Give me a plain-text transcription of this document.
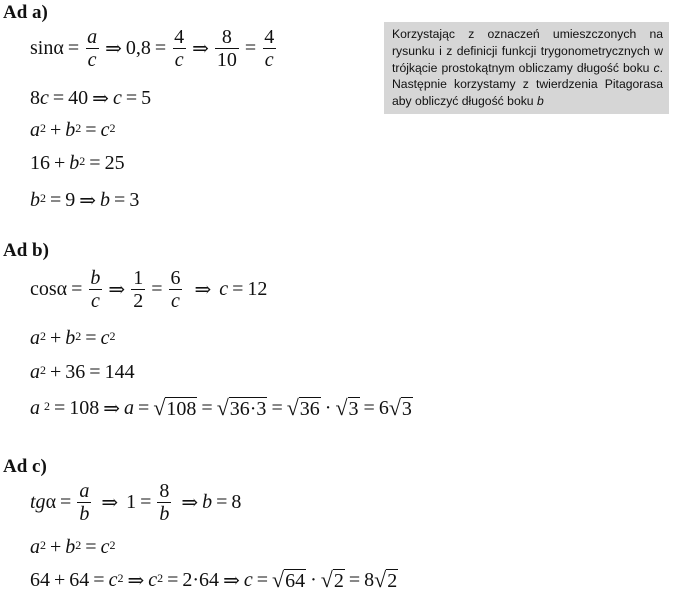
Ad a)
Korzystając z oznaczeń umieszczonych na rysunku i z definicji funkcji trygonometrycznych w trójkącie prostokątnym obliczamy długość boku c. Następnie korzystamy z twierdzenia Pitagorasa aby obliczyć długość boku b
$\sin\alpha = \frac{a}{c}$ ⇒ $0,8 = \frac{4}{c}$ ⇒ $\frac{8}{10} = \frac{4}{c}$
8 c = 40 ⇒ c = 5
$a^2 + b^2 = c^2$
$16 + b^2 = 25$
$b^2 = 9$ ⇒ b = 3
Ad b)
$\cos\alpha = \frac{b}{c}$ ⇒ $\frac{1}{2} = \frac{6}{c}$ ⇒ c = 12
$a^2 + b^2 = c^2$
$a^2 + 36 = 144$
a $^2$ = 108 ⇒ a = √ 108 = √ 36·3 = √ 36 · √ 3 = 6 √ 3
Ad c)
tg $\alpha = \frac{a}{b}$ ⇒ $1 = \frac{8}{b}$ ⇒ b = 8
$a^2 + b^2 = c^2$
$64 + 64 = c^2$ ⇒ $c^2 = 2\cdot 64$ ⇒ c = √ 64 · √ 2 = 8 √ 2
